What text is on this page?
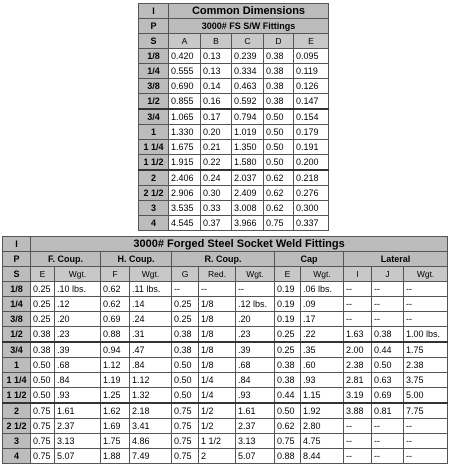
I	Common Dimensions				
P	3000# FS S/W Fittings				
S	A	B	C	D	E
1/8	0.420	0.13	0.239	0.38	0.095
1/4	0.555	0.13	0.334	0.38	0.119
3/8	0.690	0.14	0.463	0.38	0.126
1/2	0.855	0.16	0.592	0.38	0.147
3/4	1.065	0.17	0.794	0.50	0.154
1	1.330	0.20	1.019	0.50	0.179
1 1/4	1.675	0.21	1.350	0.50	0.191
1 1/2	1.915	0.22	1.580	0.50	0.200
2	2.406	0.24	2.037	0.62	0.218
2 1/2	2.906	0.30	2.409	0.62	0.276
3	3.535	0.33	3.008	0.62	0.300
4	4.545	0.37	3.966	0.75	0.337
I	3000# Forged Steel Socket Weld Fittings											
P	F. Coup.		H. Coup.		R. Coup.			Cap		Lateral		
S	E	Wgt.	F	Wgt.	G	Red.	Wgt.	E	Wgt.	I	J	Wgt.
1/8	0.25	.10 lbs.	0.62	.11 lbs.	--	--	--	0.19	.06 lbs.	--	--	--
1/4	0.25	.12	0.62	.14	0.25	1/8	.12 lbs.	0.19	.09	--	--	--
3/8	0.25	.20	0.69	.24	0.25	1/8	.20	0.19	.17	--	--	--
1/2	0.38	.23	0.88	.31	0.38	1/8	.23	0.25	.22	1.63	0.38	1.00 lbs.
3/4	0.38	.39	0.94	.47	0.38	1/8	.39	0.25	.35	2.00	0.44	1.75
1	0.50	.68	1.12	.84	0.50	1/8	.68	0.38	.60	2.38	0.50	2.38
1 1/4	0.50	.84	1.19	1.12	0.50	1/4	.84	0.38	.93	2.81	0.63	3.75
1 1/2	0.50	.93	1.25	1.32	0.50	1/4	.93	0.44	1.15	3.19	0.69	5.00
2	0.75	1.61	1.62	2.18	0.75	1/2	1.61	0.50	1.92	3.88	0.81	7.75
2 1/2	0.75	2.37	1.69	3.41	0.75	1/2	2.37	0.62	2.80	--	--	--
3	0.75	3.13	1.75	4.86	0.75	1 1/2	3.13	0.75	4.75	--	--	--
4	0.75	5.07	1.88	7.49	0.75	2	5.07	0.88	8.44	--	--	--
